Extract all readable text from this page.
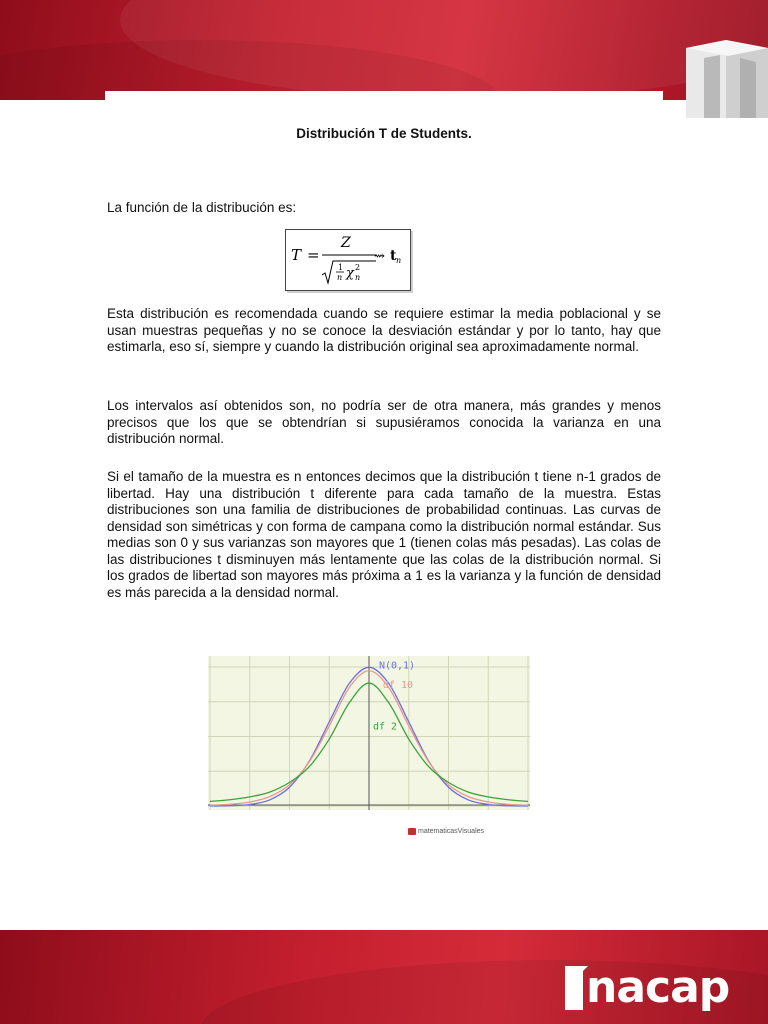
Distribución T de Students.
La función de la distribución es:
T =
Z
1
n χ 2
n
⇝ t n

Esta distribución es recomendada cuando se requiere estimar la media poblacional y se usan muestras pequeñas y no se conoce la desviación estándar y por lo tanto, hay que estimarla, eso sí, siempre y cuando la distribución original sea aproximadamente normal.

Los intervalos así obtenidos son, no podría ser de otra manera, más grandes y menos precisos que los que se obtendrían si supusiéramos conocida la varianza en una distribución normal.

Si el tamaño de la muestra es n entonces decimos que la distribución t tiene n-1 grados de libertad. Hay una distribución t diferente para cada tamaño de la muestra. Estas distribuciones son una familia de distribuciones de probabilidad continuas. Las curvas de densidad son simétricas y con forma de campana como la distribución normal estándar. Sus medias son 0 y sus varianzas son mayores que 1 (tienen colas más pesadas). Las colas de las distribuciones t disminuyen más lentamente que las colas de la distribución normal. Si los grados de libertad son mayores más próxima a 1 es la varianza y la función de densidad es más parecida a la densidad normal.

N(0,1)
df 10
df 2
matematicasVisuales
nacap
